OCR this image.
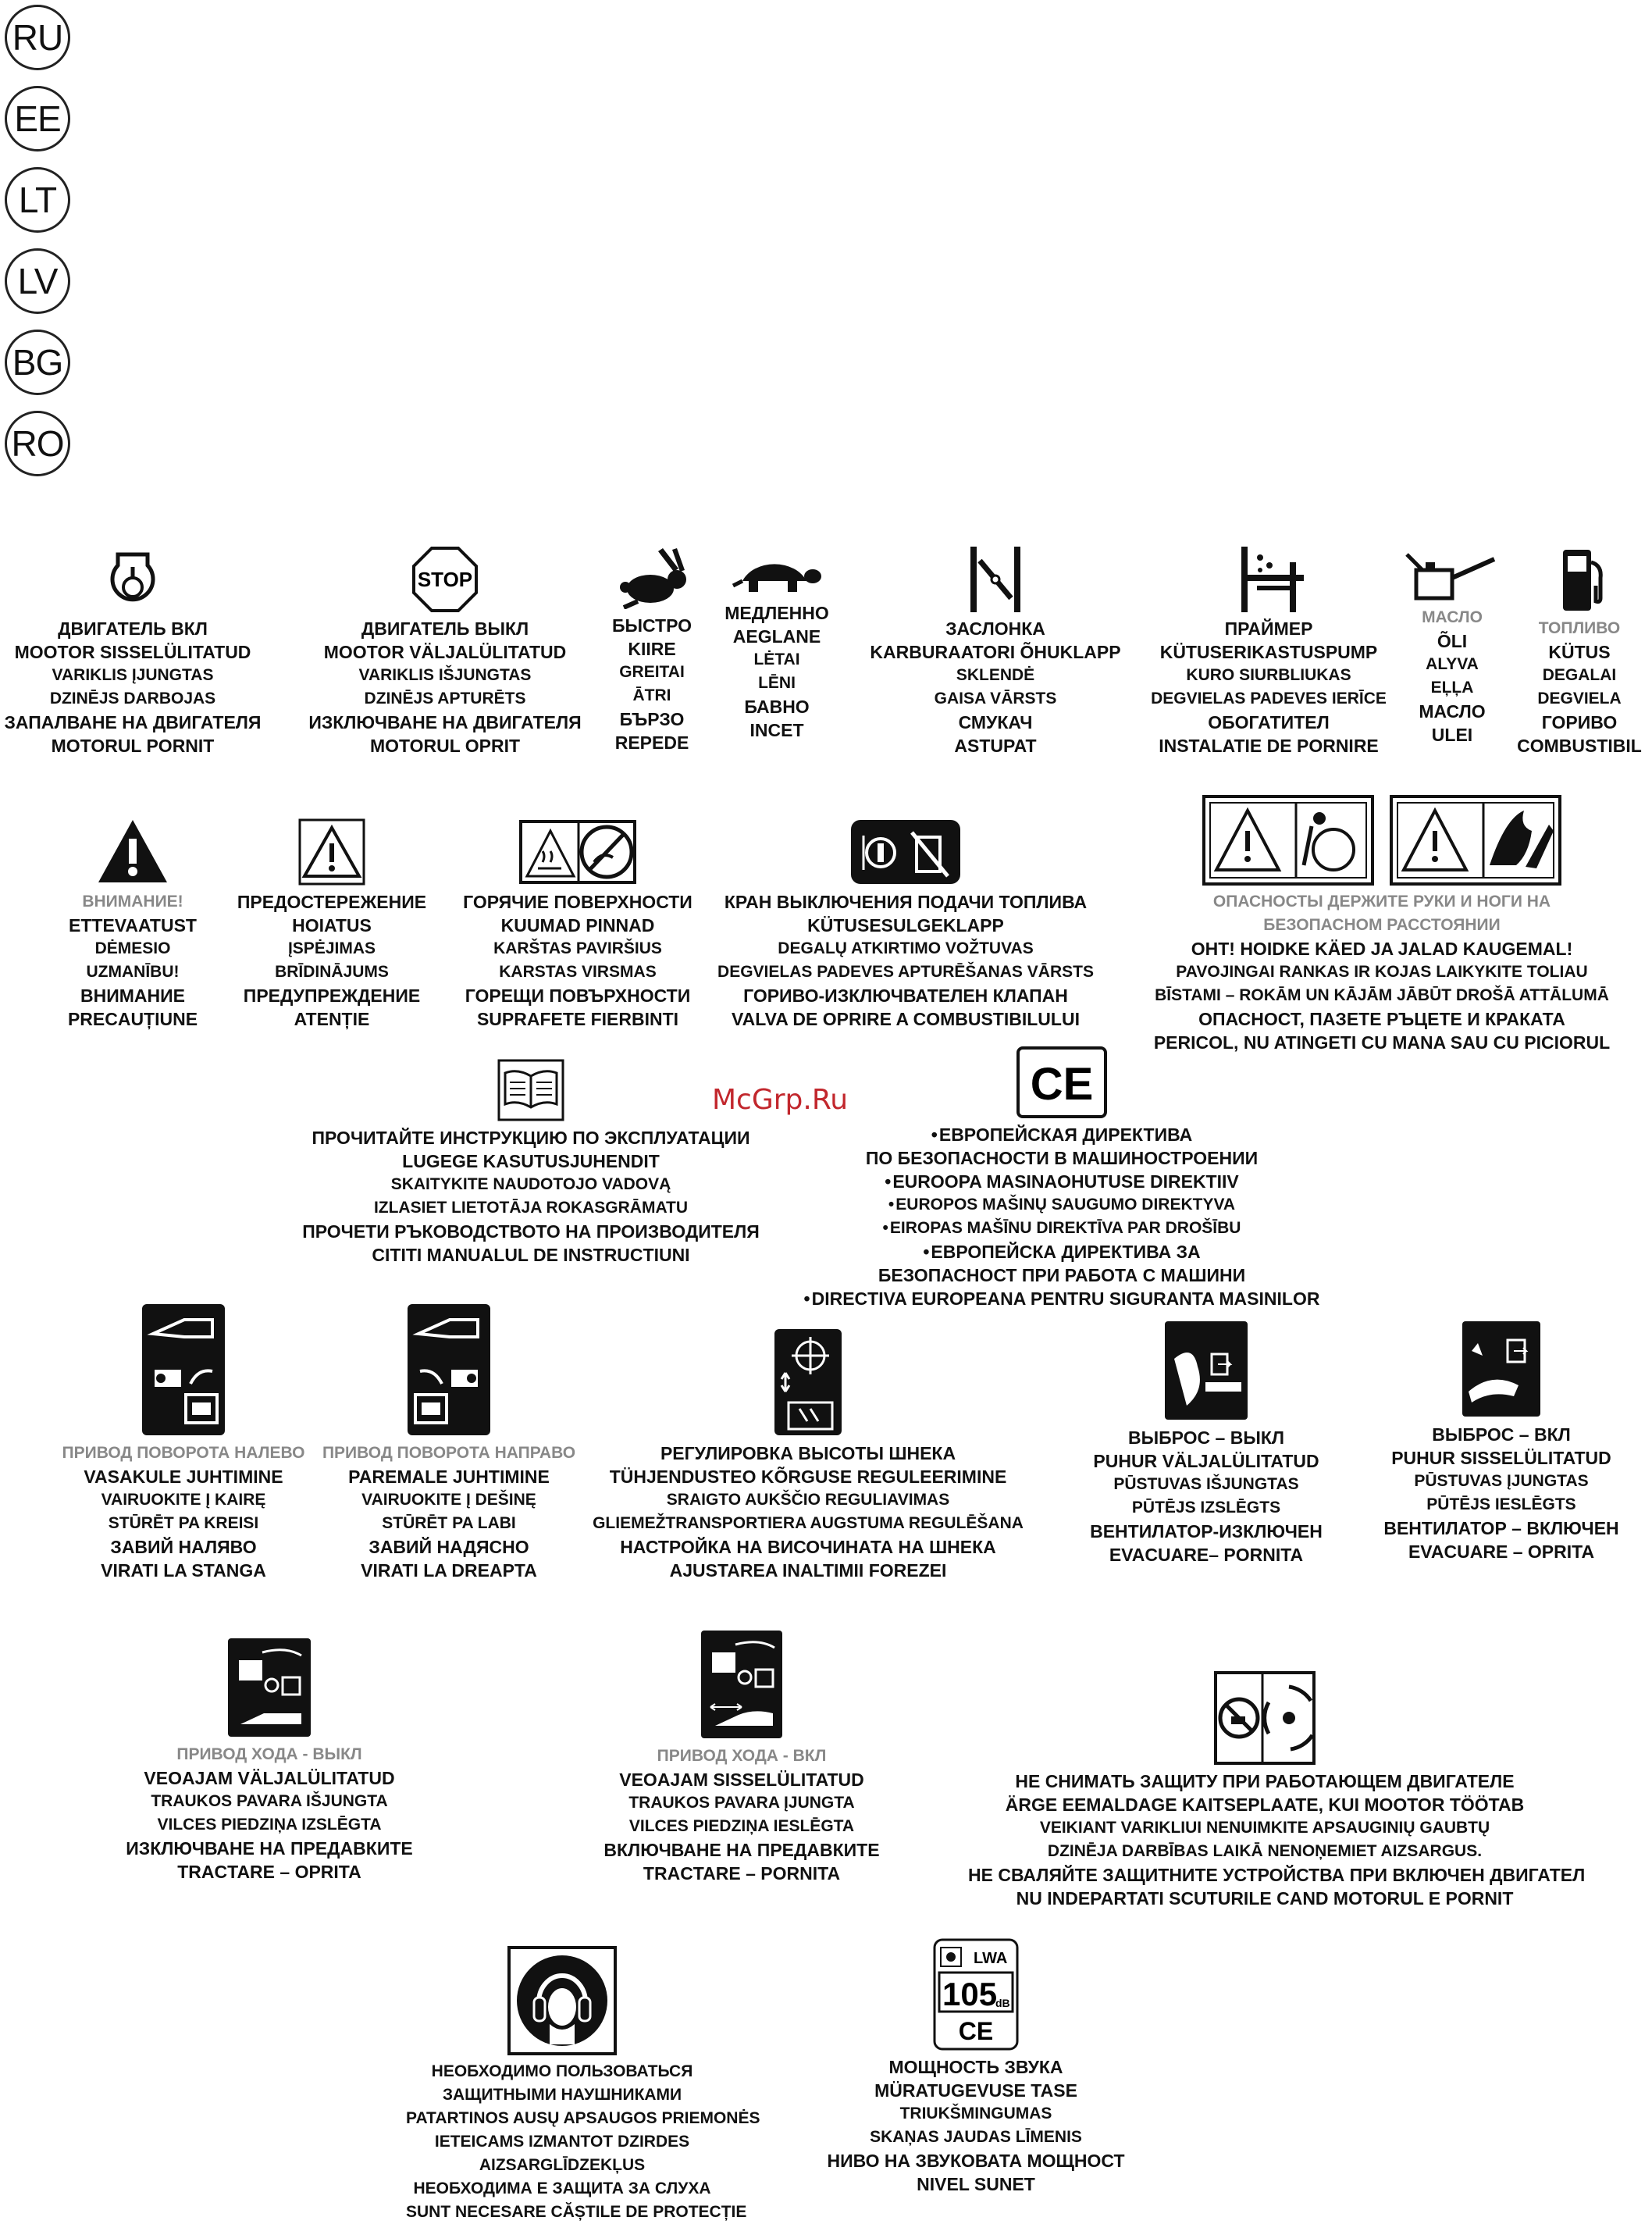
RU
EE
LT
LV
BG
RO
McGrp.Ru
ДВИГАТЕЛЬ ВКЛ
MOOTOR SISSELÜLITATUD
VARIKLIS ĮJUNGTAS
DZINĒJS DARBOJAS
ЗАПАЛВАНЕ НА ДВИГАТЕЛЯ
MOTORUL PORNIT
STOP
ДВИГАТЕЛЬ ВЫКЛ
MOOTOR VÄLJALÜLITATUD
VARIKLIS IŠJUNGTAS
DZINĒJS APTURĒTS
ИЗКЛЮЧВАНЕ НА ДВИГАТЕЛЯ
MOTORUL OPRIT
БЫСТРО
KIIRE
GREITAI
ĀTRI
БЪРЗО
REPEDE
МЕДЛЕННО
AEGLANE
LĖTAI
LĒNI
БАВНО
INCET
ЗАСЛОНКА
KARBURAATORI ÕHUKLAPP
SKLENDĖ
GAISA VĀRSTS
СМУКАЧ
ASTUPAT
ПРАЙМЕР
KÜTUSERIKASTUSPUMP
KURO SIURBLIUKAS
DEGVIELAS PADEVES IERĪCE
ОБОГАТИТЕЛ
INSTALATIE DE PORNIRE
МАСЛО
ÕLI
ALYVA
EĻĻA
МАСЛО
ULEI
ТОПЛИВО
KÜTUS
DEGALAI
DEGVIELA
ГОРИВО
COMBUSTIBIL
ВНИМАНИЕ!
ETTEVAATUST
DĖMESIO
UZMANĪBU!
ВНИМАНИЕ
PRECAUȚIUNE
ПРЕДОСТЕРЕЖЕНИЕ
HOIATUS
ĮSPĖJIMAS
BRĪDINĀJUMS
ПРЕДУПРЕЖДЕНИЕ
ATENȚIE
ГОРЯЧИЕ ПОВЕРХНОСТИ
KUUMAD PINNAD
KARŠTAS PAVIRŠIUS
KARSTAS VIRSMAS
ГОРЕЩИ ПОВЪРХНОСТИ
SUPRAFETE FIERBINTI
КРАН ВЫКЛЮЧЕНИЯ ПОДАЧИ ТОПЛИВА
KÜTUSESULGEKLAPP
DEGALŲ ATKIRTIMO VOŽTUVAS
DEGVIELAS PADEVES APTURĒŠANAS VĀRSTS
ГОРИВО-ИЗКЛЮЧВАТЕЛЕН КЛАПАН
VALVA DE OPRIRE A COMBUSTIBILULUI
ОПАСНОСТЫ ДЕРЖИТЕ РУКИ И НОГИ НА
БЕЗОПАСНОМ РАССТОЯНИИ
OHT! HOIDKE KÄED JA JALAD KAUGEMAL!
PAVOJINGAI RANKAS IR KOJAS LAIKYKITE TOLIAU
BĪSTAMI – ROKĀM UN KĀJĀM JĀBŪT DROŠĀ ATTĀLUMĀ
ОПАСНОСТ, ПАЗЕТЕ РЪЦЕТЕ И КРАКАТА
PERICOL, NU ATINGETI CU MANA SAU CU PICIORUL
ПРОЧИТАЙТЕ ИНСТРУКЦИЮ ПО ЭКСПЛУАТАЦИИ
LUGEGE KASUTUSJUHENDIT
SKAITYKITE NAUDOTOJO VADOVĄ
IZLASIET LIETOTĀJA ROKASGRĀMATU
ПРОЧЕТИ РЪКОВОДСТВОТО НА ПРОИЗВОДИТЕЛЯ
CITITI MANUALUL DE INSTRUCTIUNI
CE
• ЕВРОПЕЙСКАЯ ДИРЕКТИВА
ПО БЕЗОПАСНОСТИ В МАШИНОСТРОЕНИИ
• EUROOPA MASINAOHUTUSE DIREKTIIV
• EUROPOS MAŠINŲ SAUGUMO DIREKTYVA
• EIROPAS MAŠĪNU DIREKTĪVA PAR DROŠĪBU
• ЕВРОПЕЙСКА ДИРЕКТИВА ЗА
БЕЗОПАСНОСТ ПРИ РАБОТА С МАШИНИ
• DIRECTIVA EUROPEANA PENTRU SIGURANTA MASINILOR
ПРИВОД ПОВОРОТА НАЛЕВО
VASAKULE JUHTIMINE
VAIRUOKITE Į KAIRĘ
STŪRĒT PA KREISI
ЗАВИЙ НАЛЯВО
VIRATI LA STANGA
ПРИВОД ПОВОРОТА НАПРАВО
PAREMALE JUHTIMINE
VAIRUOKITE Į DEŠINĘ
STŪRĒT PA LABI
ЗАВИЙ НАДЯСНО
VIRATI LA DREAPTA
РЕГУЛИРОВКА ВЫСОТЫ ШНЕКА
TÜHJENDUSTEO KÕRGUSE REGULEERIMINE
SRAIGTO AUKŠČIO REGULIAVIMAS
GLIEMEŽTRANSPORTIERA AUGSTUMA REGULĒŠANA
НАСТРОЙКА НА ВИСОЧИНАТА НА ШНЕКА
AJUSTAREA INALTIMII FOREZEI
ВЫБРОС – ВЫКЛ
PUHUR VÄLJALÜLITATUD
PŪSTUVAS IŠJUNGTAS
PŪTĒJS IZSLĒGTS
ВЕНТИЛАТОР-ИЗКЛЮЧЕН
EVACUARE– PORNITA
ВЫБРОС – ВКЛ
PUHUR SISSELÜLITATUD
PŪSTUVAS ĮJUNGTAS
PŪTĒJS IESLĒGTS
ВЕНТИЛАТОР – ВКЛЮЧЕН
EVACUARE – OPRITA
ПРИВОД ХОДА - ВЫКЛ
VEOAJAM VÄLJALÜLITATUD
TRAUKOS PAVARA IŠJUNGTA
VILCES PIEDZIŅA IZSLĒGTA
ИЗКЛЮЧВАНЕ НА ПРЕДАВКИТЕ
TRACTARE – OPRITA
ПРИВОД ХОДА - ВКЛ
VEOAJAM SISSELÜLITATUD
TRAUKOS PAVARA ĮJUNGTA
VILCES PIEDZIŅA IESLĒGTA
ВКЛЮЧВАНЕ НА ПРЕДАВКИТЕ
TRACTARE – PORNITA
НЕ СНИМАТЬ ЗАЩИТУ ПРИ РАБОТАЮЩЕМ ДВИГАТЕЛЕ
ÄRGE EEMALDAGE KAITSEPLAATE, KUI MOOTOR TÖÖTAB
VEIKIANT VARIKLIUI NENUIMKITE APSAUGINIŲ GAUBTŲ
DZINĒJA DARBĪBAS LAIKĀ NENOŅEMIET AIZSARGUS.
НЕ СВАЛЯЙТЕ ЗАЩИТНИТЕ УСТРОЙСТВА ПРИ ВКЛЮЧЕН ДВИГАТЕЛ
NU INDEPARTATI SCUTURILE CAND MOTORUL E PORNIT
НЕОБХОДИМО ПОЛЬЗОВАТЬСЯ
ЗАЩИТНЫМИ НАУШНИКАМИ
PATARTINOS AUSŲ APSAUGOS PRIEMONĖS
IETEICAMS IZMANTOT DZIRDES
AIZSARGLĪDZEKĻUS
НЕОБХОДИМА Е ЗАЩИТА ЗА СЛУХА
SUNT NECESARE CĂȘTILE DE PROTECȚIE
LWA
105
dB
CE
МОЩНОСТЬ ЗВУКА
MÜRATUGEVUSE TASE
TRIUKŠMINGUMAS
SKAŅAS JAUDAS LĪMENIS
НИВО НА ЗВУКОВАТА МОЩНОСТ
NIVEL SUNET
